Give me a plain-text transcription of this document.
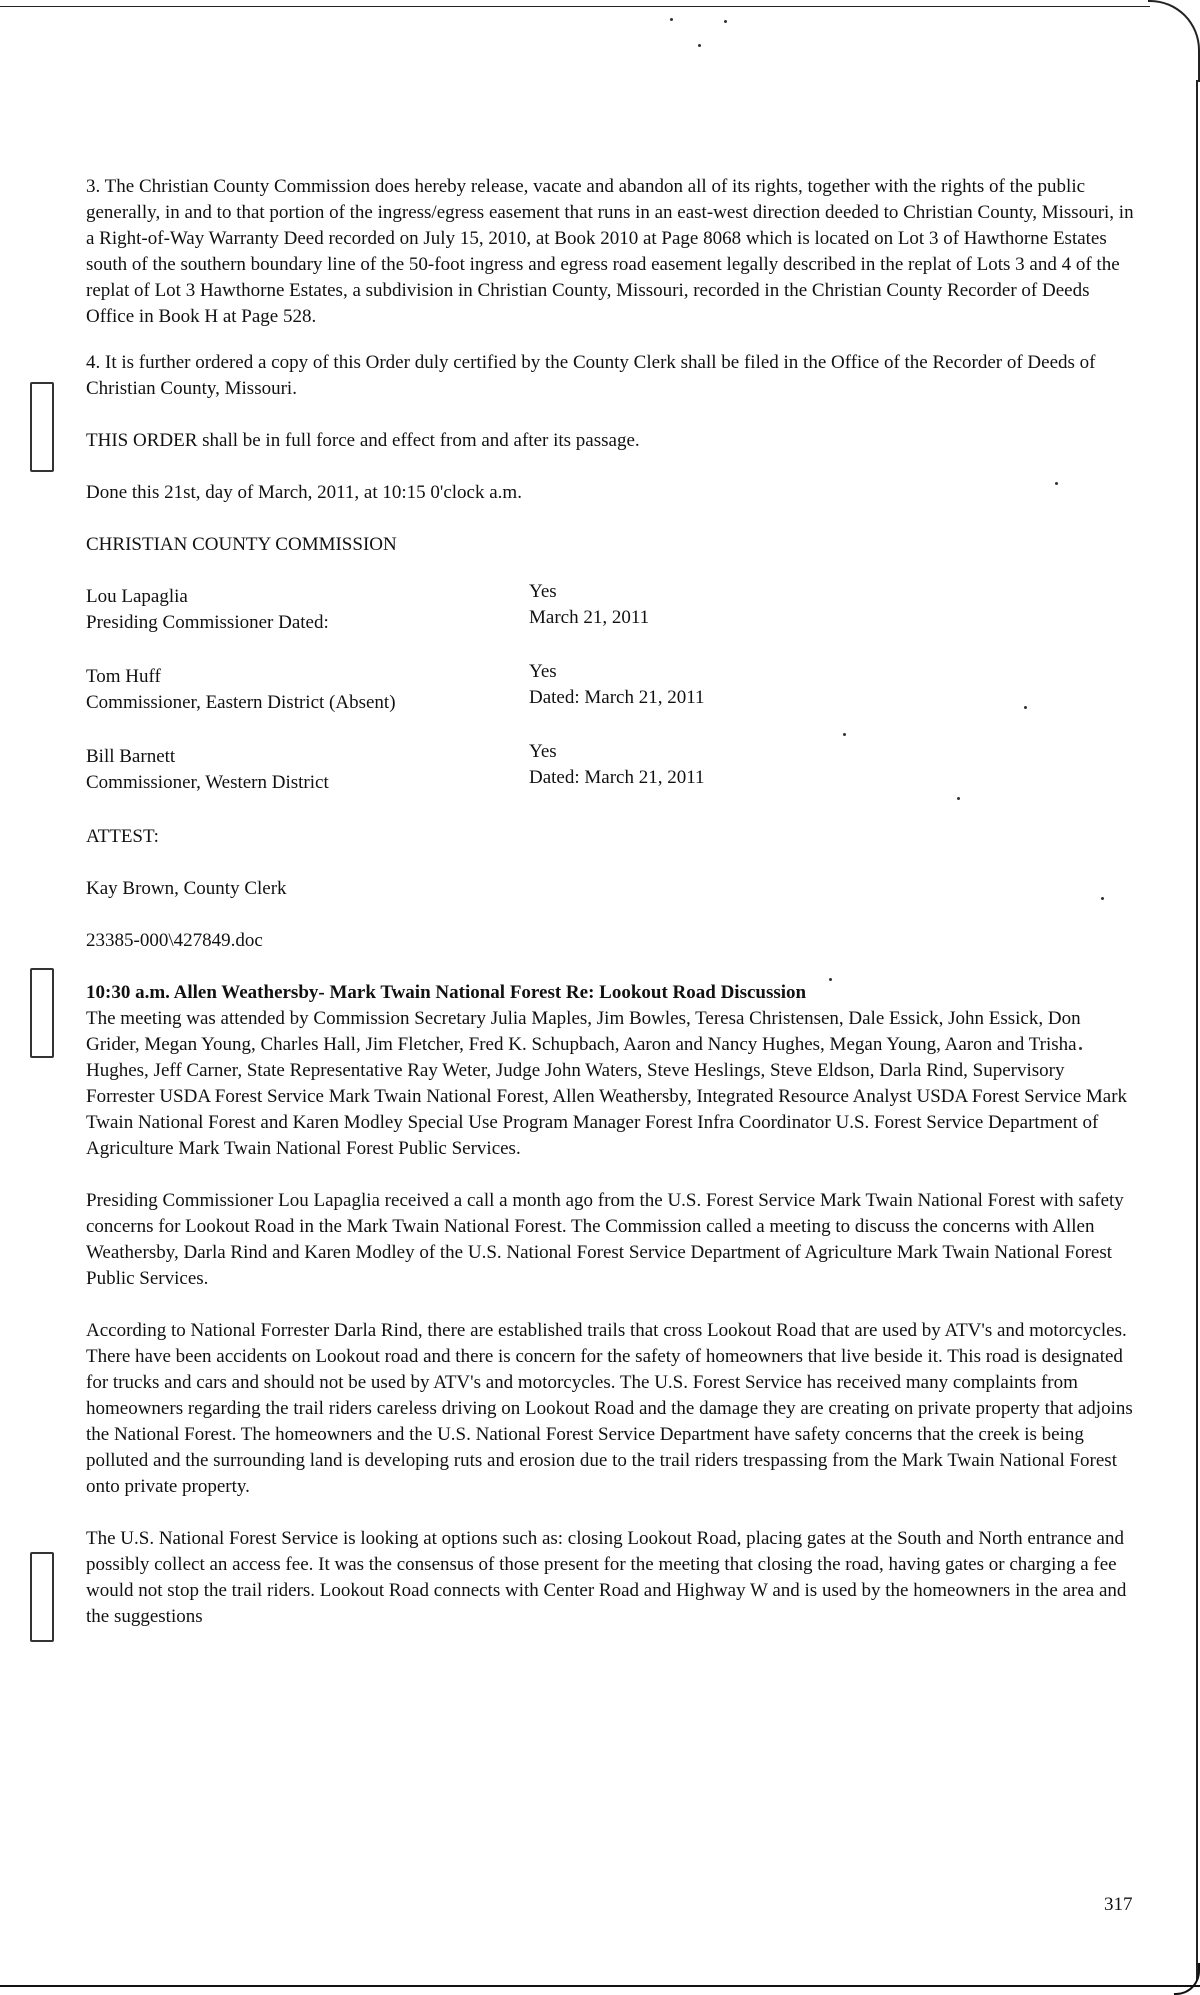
3. The Christian County Commission does hereby release, vacate and abandon all of its rights, together with the rights of the public generally, in and to that portion of the ingress/egress easement that runs in an east-west direction deeded to Christian County, Missouri, in a Right-of-Way Warranty Deed recorded on July 15, 2010, at Book 2010 at Page 8068 which is located on Lot 3 of Hawthorne Estates south of the southern boundary line of the 50-foot ingress and egress road easement legally described in the replat of Lots 3 and 4 of the replat of Lot 3 Hawthorne Estates, a subdivision in Christian County, Missouri, recorded in the Christian County Recorder of Deeds Office in Book H at Page 528.

4. It is further ordered a copy of this Order duly certified by the County Clerk shall be filed in the Office of the Recorder of Deeds of Christian County, Missouri.

THIS ORDER shall be in full force and effect from and after its passage.

Done this 21st, day of March, 2011, at 10:15 0'clock a.m.

CHRISTIAN COUNTY COMMISSION

Lou Lapaglia
Presiding Commissioner Dated:
Yes
March 21, 2011
Tom Huff
Commissioner, Eastern District (Absent)
Yes
Dated: March 21, 2011
Bill Barnett
Commissioner, Western District
Yes
Dated: March 21, 2011

ATTEST:

Kay Brown, County Clerk

23385-000\427849.doc

10:30 a.m. Allen Weathersby- Mark Twain National Forest Re: Lookout Road Discussion

The meeting was attended by Commission Secretary Julia Maples, Jim Bowles, Teresa Christensen, Dale Essick, John Essick, Don Grider, Megan Young, Charles Hall, Jim Fletcher, Fred K. Schupbach, Aaron and Nancy Hughes, Megan Young, Aaron and Trisha Hughes, Jeff Carner, State Representative Ray Weter, Judge John Waters, Steve Heslings, Steve Eldson, Darla Rind, Supervisory Forrester USDA Forest Service Mark Twain National Forest, Allen Weathersby, Integrated Resource Analyst USDA Forest Service Mark Twain National Forest and Karen Modley Special Use Program Manager Forest Infra Coordinator U.S. Forest Service Department of Agriculture Mark Twain National Forest Public Services.

Presiding Commissioner Lou Lapaglia received a call a month ago from the U.S. Forest Service Mark Twain National Forest with safety concerns for Lookout Road in the Mark Twain National Forest. The Commission called a meeting to discuss the concerns with Allen Weathersby, Darla Rind and Karen Modley of the U.S. National Forest Service Department of Agriculture Mark Twain National Forest Public Services.

According to National Forrester Darla Rind, there are established trails that cross Lookout Road that are used by ATV's and motorcycles. There have been accidents on Lookout road and there is concern for the safety of homeowners that live beside it. This road is designated for trucks and cars and should not be used by ATV's and motorcycles. The U.S. Forest Service has received many complaints from homeowners regarding the trail riders careless driving on Lookout Road and the damage they are creating on private property that adjoins the National Forest. The homeowners and the U.S. National Forest Service Department have safety concerns that the creek is being polluted and the surrounding land is developing ruts and erosion due to the trail riders trespassing from the Mark Twain National Forest onto private property.

The U.S. National Forest Service is looking at options such as: closing Lookout Road, placing gates at the South and North entrance and possibly collect an access fee. It was the consensus of those present for the meeting that closing the road, having gates or charging a fee would not stop the trail riders. Lookout Road connects with Center Road and Highway W and is used by the homeowners in the area and the suggestions

317
